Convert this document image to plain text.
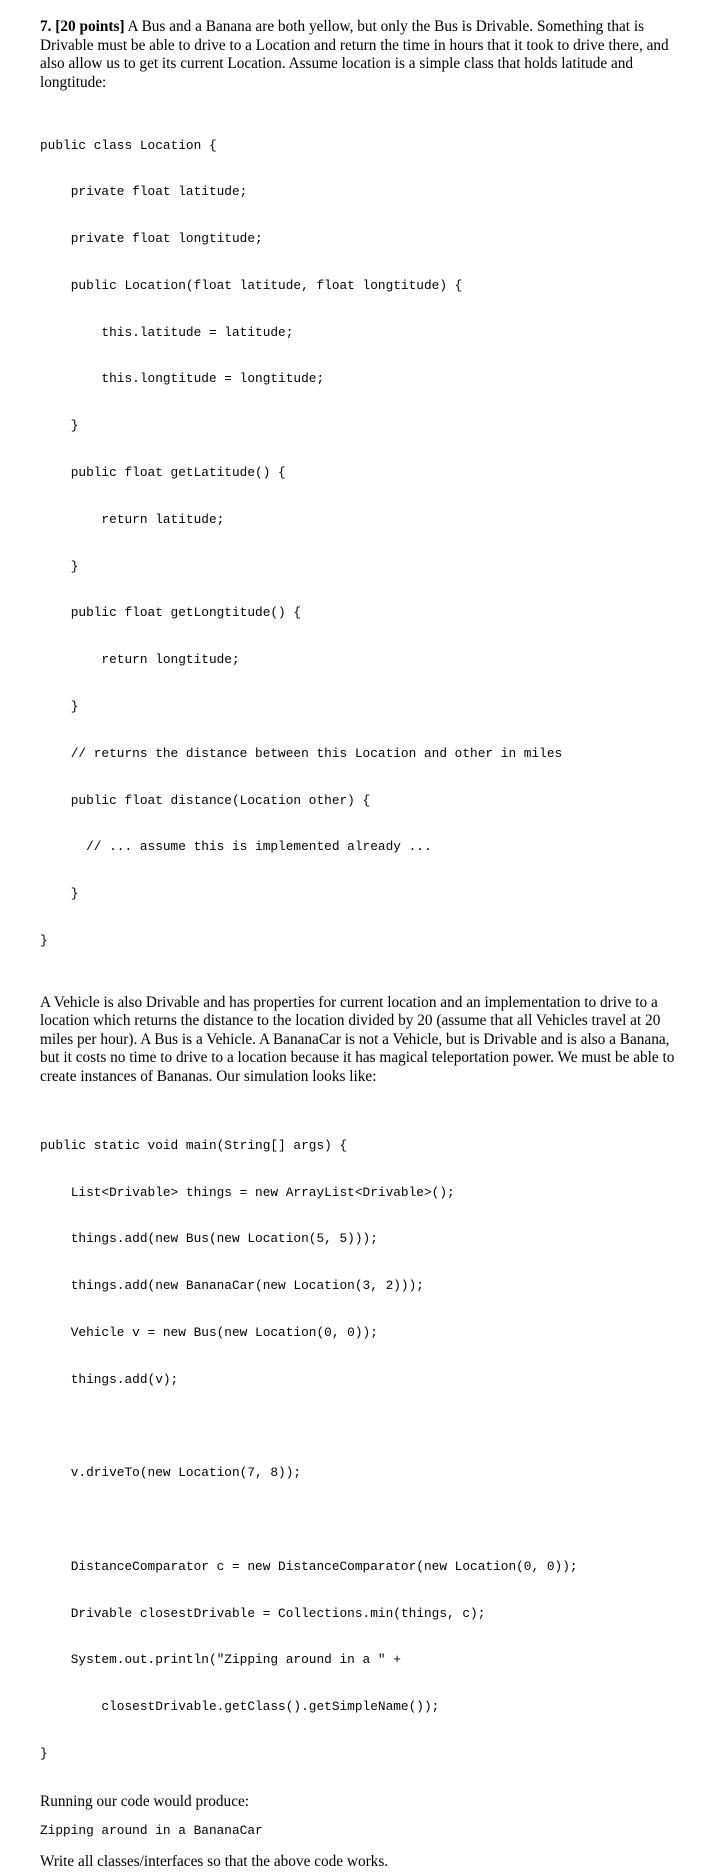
7. [20 points] A Bus and a Banana are both yellow, but only the Bus is Drivable. Something that is Drivable must be able to drive to a Location and return the time in hours that it took to drive there, and also allow us to get its current Location. Assume location is a simple class that holds latitude and longtitude:

public class Location {

private float latitude;

private float longtitude;

public Location(float latitude, float longtitude) {

this.latitude = latitude;

this.longtitude = longtitude;

}

public float getLatitude() {

return latitude;

}

public float getLongtitude() {

return longtitude;

}

// returns the distance between this Location and other in miles

public float distance(Location other) {

// ... assume this is implemented already ...

}

}

A Vehicle is also Drivable and has properties for current location and an implementation to drive to a location which returns the distance to the location divided by 20 (assume that all Vehicles travel at 20 miles per hour). A Bus is a Vehicle. A BananaCar is not a Vehicle, but is Drivable and is also a Banana, but it costs no time to drive to a location because it has magical teleportation power. We must be able to create instances of Bananas. Our simulation looks like:

public static void main(String[] args) {

List<Drivable> things = new ArrayList<Drivable>();

things.add(new Bus(new Location(5, 5)));

things.add(new BananaCar(new Location(3, 2)));

Vehicle v = new Bus(new Location(0, 0));

things.add(v);

v.driveTo(new Location(7, 8));

DistanceComparator c = new DistanceComparator(new Location(0, 0));

Drivable closestDrivable = Collections.min(things, c);

System.out.println("Zipping around in a " +

closestDrivable.getClass().getSimpleName());

}

Running our code would produce:

Zipping around in a BananaCar

Write all classes/interfaces so that the above code works.
